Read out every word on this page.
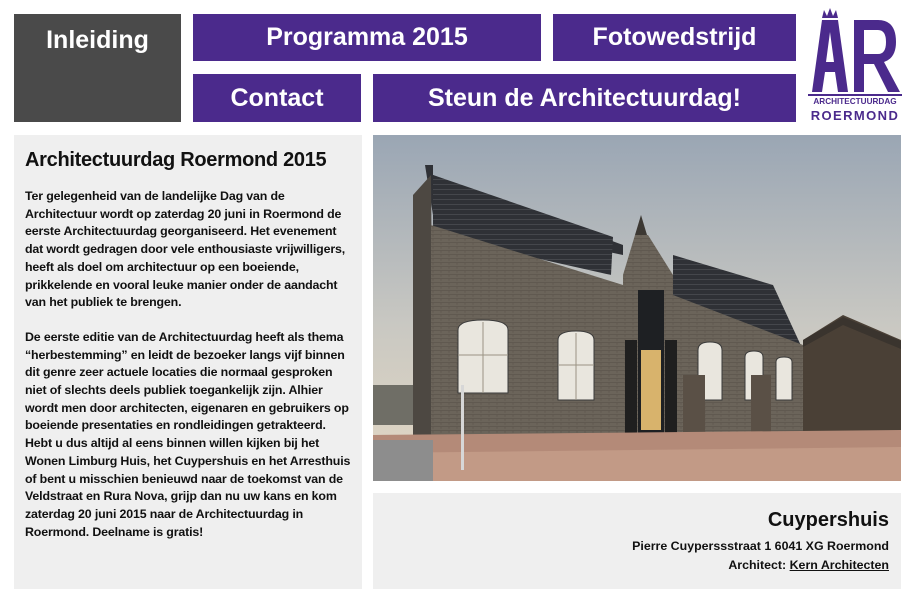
Inleiding	Programma 2015	Fotowedstrijd
Contact	Steun de Architectuurdag!	ARCHITECTUURDAG
ROERMOND
Architectuurdag Roermond 2015

Ter gelegenheid van de landelijke Dag van de Architectuur wordt op zaterdag 20 juni in Roermond de eerste Architectuurdag georganiseerd. Het evenement dat wordt gedragen door vele enthousiaste vrijwilligers, heeft als doel om architectuur op een boeiende, prikkelende en vooral leuke manier onder de aandacht van het publiek te brengen.

De eerste editie van de Architectuurdag heeft als thema “herbestemming” en leidt de bezoeker langs vijf binnen dit genre zeer actuele locaties die normaal gesproken niet of slechts deels publiek toegankelijk zijn. Alhier wordt men door architecten, eigenaren en gebruikers op boeiende presentaties en rondleidingen getrakteerd. Hebt u dus altijd al eens binnen willen kijken bij het Wonen Limburg Huis, het Cuypershuis en het Arresthuis of bent u misschien benieuwd naar de toekomst van de Veldstraat en Rura Nova, grijp dan nu uw kans en kom zaterdag 20 juni 2015 naar de Architectuurdag in Roermond. Deelname is gratis!

Cuypershuis
Pierre Cuyperssstraat 1 6041 XG Roermond
Architect: Kern Architecten
